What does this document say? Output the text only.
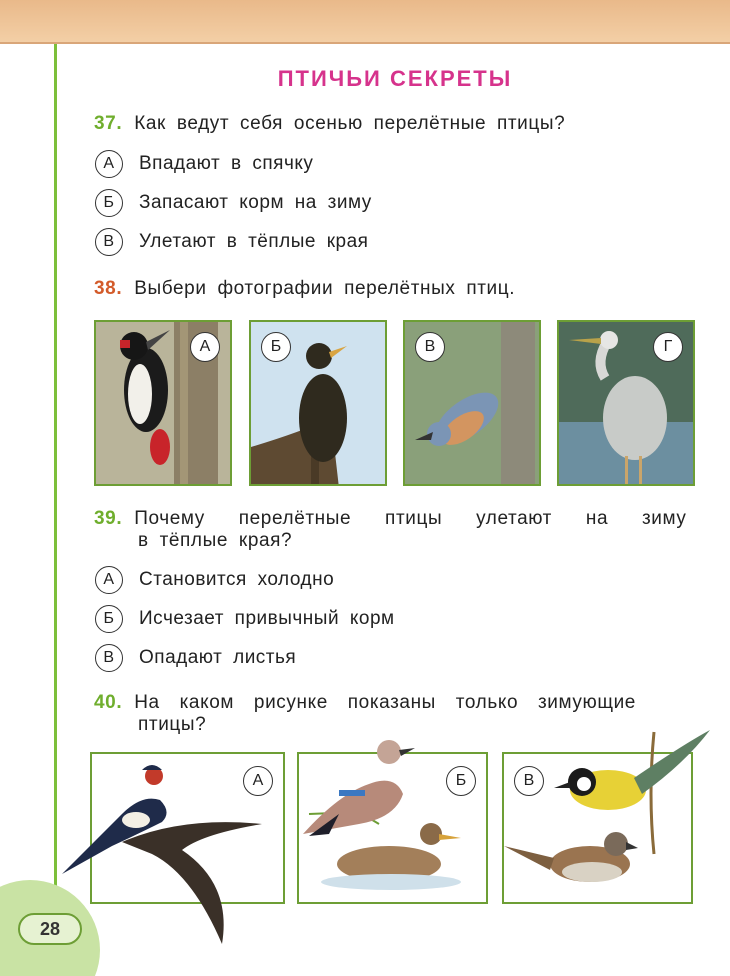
28
ПТИЧЬИ СЕКРЕТЫ
37. Как ведут себя осенью перелётные птицы?
А	Впадают в спячку
Б	Запасают корм на зиму
В	Улетают в тёплые края
38. Выбери фотографии перелётных птиц.
А	Б	В	Г
39. Почему перелётные птицы улетают на зиму
в тёплые края?
А	Становится холодно
Б	Исчезает привычный корм
В	Опадают листья
40. На каком рисунке показаны только зимующие
птицы?
А	Б	В
